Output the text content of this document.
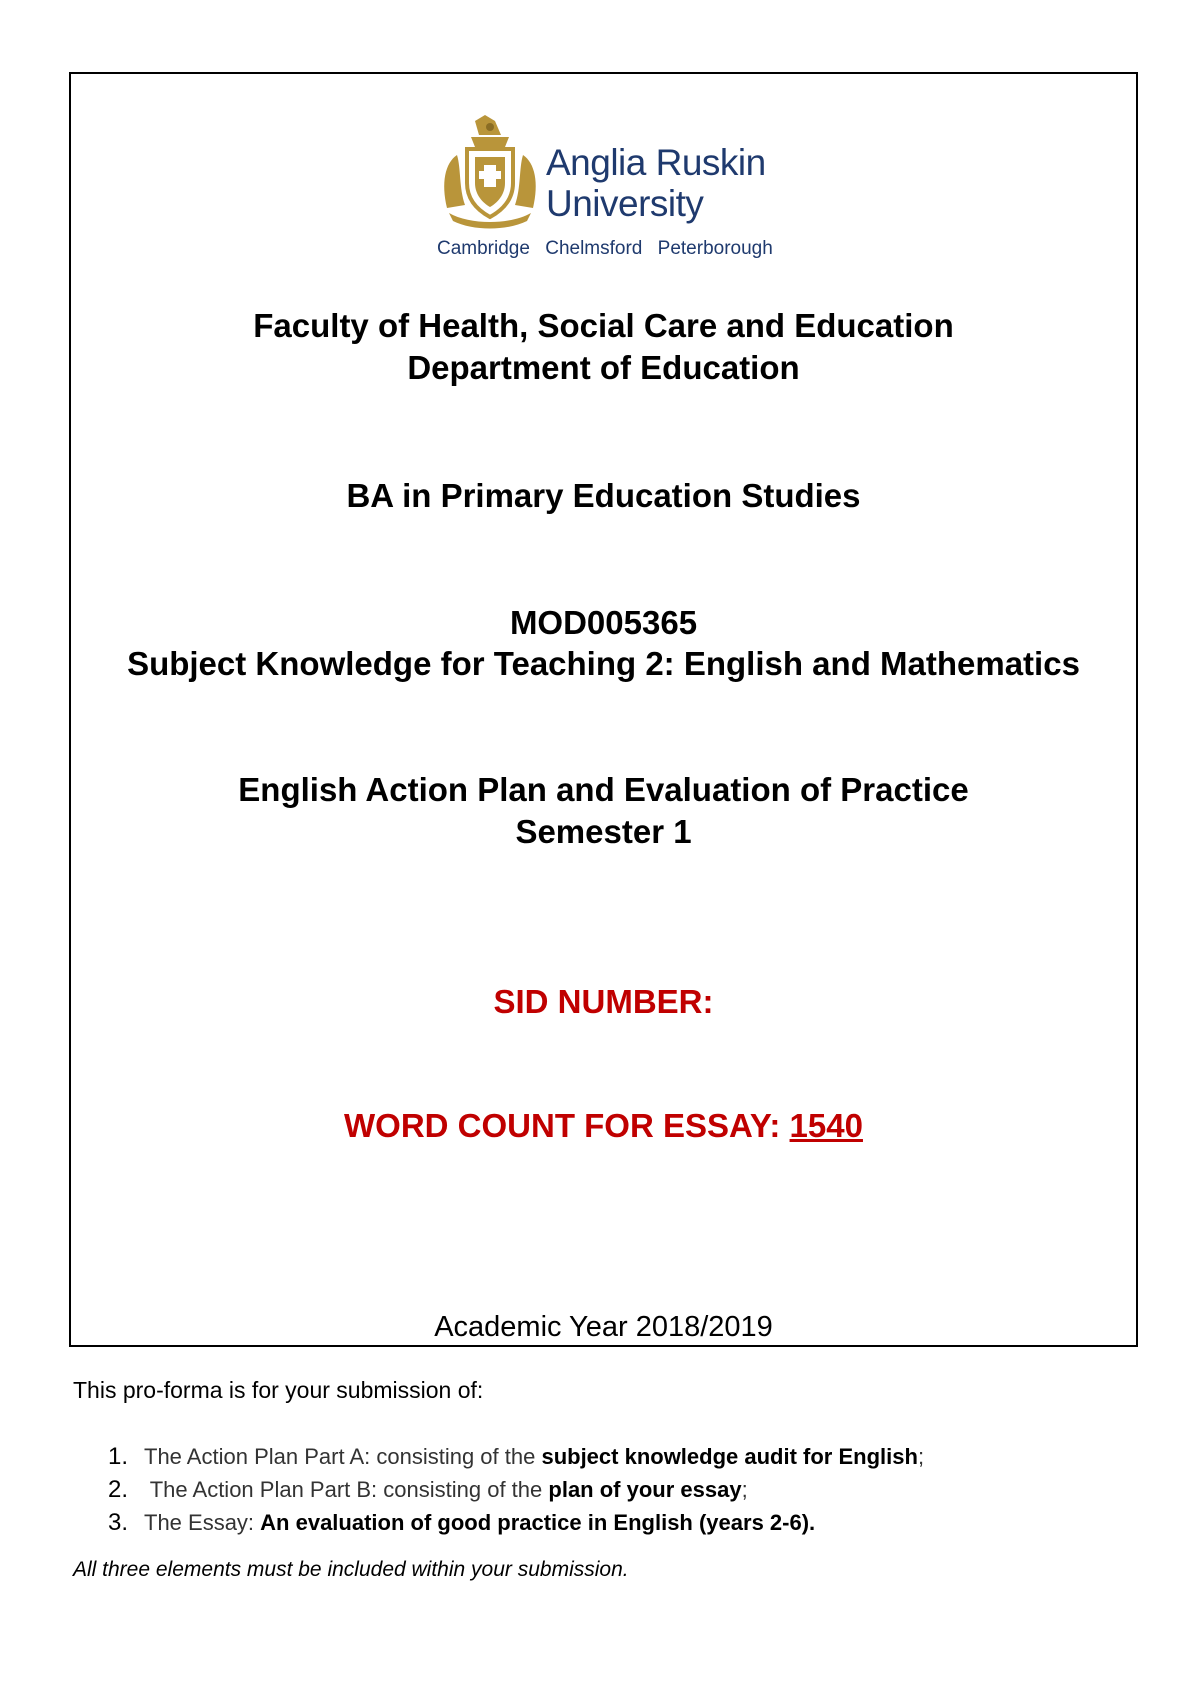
Anglia Ruskin
University
Cambridge Chelmsford Peterborough
Faculty of Health, Social Care and Education
Department of Education
BA in Primary Education Studies
MOD005365
Subject Knowledge for Teaching 2: English and Mathematics
English Action Plan and Evaluation of Practice
Semester 1
SID NUMBER:
WORD COUNT FOR ESSAY: 1540
Academic Year 2018/2019
This pro-forma is for your submission of:
1. The Action Plan Part A: consisting of the subject knowledge audit for English;
2. The Action Plan Part B: consisting of the plan of your essay;
3. The Essay: An evaluation of good practice in English (years 2-6).
All three elements must be included within your submission.
